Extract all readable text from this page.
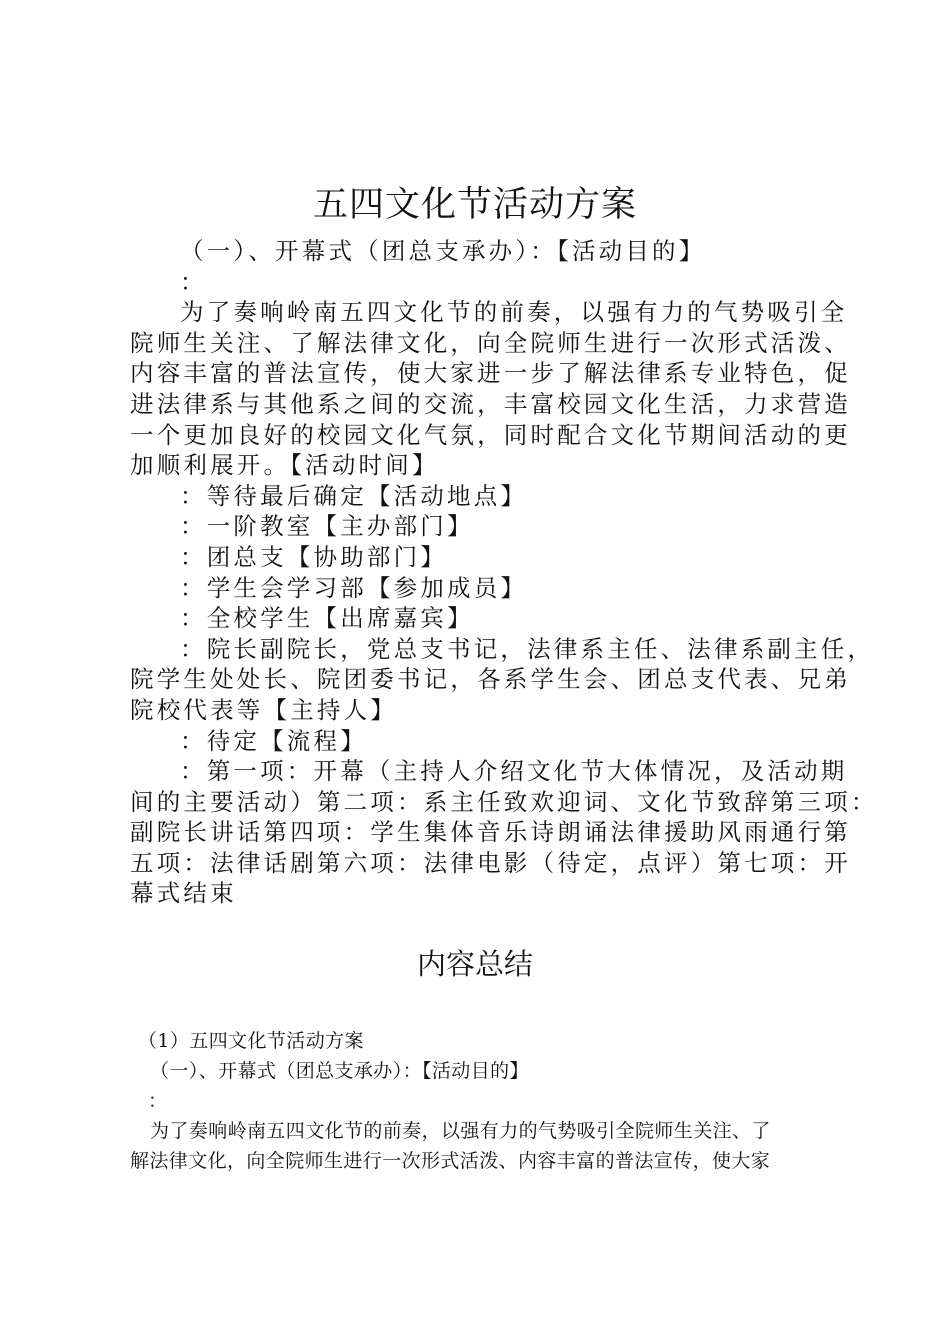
五四文化节活动方案
（一）、开幕式（团总支承办）：【活动目的】
：
为了奏响岭南五四文化节的前奏，以强有力的气势吸引全
院师生关注、了解法律文化，向全院师生进行一次形式活泼、
内容丰富的普法宣传，使大家进一步了解法律系专业特色，促
进法律系与其他系之间的交流，丰富校园文化生活，力求营造
一个更加良好的校园文化气氛，同时配合文化节期间活动的更
加顺利展开。【活动时间】
：等待最后确定【活动地点】
：一阶教室【主办部门】
：团总支【协助部门】
：学生会学习部【参加成员】
：全校学生【出席嘉宾】
：院长副院长，党总支书记，法律系主任、法律系副主任，
院学生处处长、院团委书记，各系学生会、团总支代表、兄弟
院校代表等【主持人】
：待定【流程】
：第一项：开幕（主持人介绍文化节大体情况，及活动期
间的主要活动）第二项：系主任致欢迎词、文化节致辞第三项：
副院长讲话第四项：学生集体音乐诗朗诵法律援助风雨通行第
五项：法律话剧第六项：法律电影（待定，点评）第七项：开
幕式结束
内容总结
（1）五四文化节活动方案
（一）、开幕式（团总支承办）：【活动目的】
：
为了奏响岭南五四文化节的前奏，以强有力的气势吸引全院师生关注、了
解法律文化，向全院师生进行一次形式活泼、内容丰富的普法宣传，使大家
